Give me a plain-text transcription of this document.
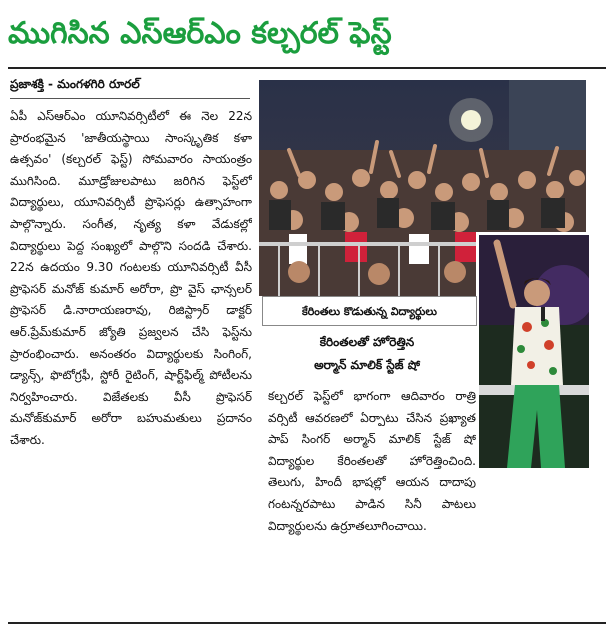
ముగిసిన ఎస్ఆర్ఎం కల్చరల్ ఫెస్ట్
ప్రజాశక్తి - మంగళగిరి రూరల్
ఏపీ ఎస్ఆర్ఎం యూనివర్సిటీలో ఈ నెల 22న ప్రారంభమైన 'జాతీయస్థాయి సాంస్కృతిక కళా ఉత్సవం' (కల్చరల్ ఫెస్ట్) సోమవారం సాయంత్రం ముగిసింది. మూడ్రోజులపాటు జరిగిన ఫెస్ట్‌లో విద్యార్థులు, యూనివర్సిటీ ప్రొఫెసర్లు ఉత్సాహంగా పాల్గొన్నారు. సంగీత, నృత్య కళా వేడుకల్లో విద్యార్థులు పెద్ద సంఖ్యలో పాల్గొని సందడి చేశారు. 22న ఉదయం 9.30 గంటలకు యూనివర్సిటీ వీసీ ప్రొఫెసర్ మనోజ్ కుమార్ అరోరా, ప్రొ వైస్ ఛాన్సలర్ ప్రొఫెసర్ డి.నారాయణరావు, రిజిస్ట్రార్ డాక్టర్ ఆర్.ప్రేమ్‌కుమార్ జ్యోతి ప్రజ్వలన చేసి ఫెస్ట్‌ను ప్రారంభించారు. అనంతరం విద్యార్థులకు సింగింగ్, డ్యాన్స్, ఫొటోగ్రఫీ, స్టోరీ రైటింగ్, షార్ట్‌ఫిల్మ్ పోటీలను నిర్వహించారు. విజేతలకు వీసీ ప్రొఫెసర్ మనోజ్‌కుమార్ అరోరా బహుమతులు ప్రదానం చేశారు.
కేరింతలు కొడుతున్న విద్యార్థులు
కేరింతలతో హోరెత్తిన
అర్మాన్ మాలిక్ స్టేజ్ షో
కల్చరల్ ఫెస్ట్‌లో భాగంగా ఆదివారం రాత్రి వర్సిటీ ఆవరణలో ఏర్పాటు చేసిన ప్రఖ్యాత పాప్ సింగర్ అర్మాన్ మాలిక్ స్టేజ్ షో విద్యార్థుల కేరింతలతో హోరెత్తించింది. తెలుగు, హిందీ భాషల్లో ఆయన దాదాపు గంటన్నరపాటు పాడిన సినీ పాటలు విద్యార్థులను ఉర్రూతలూగించాయి.
